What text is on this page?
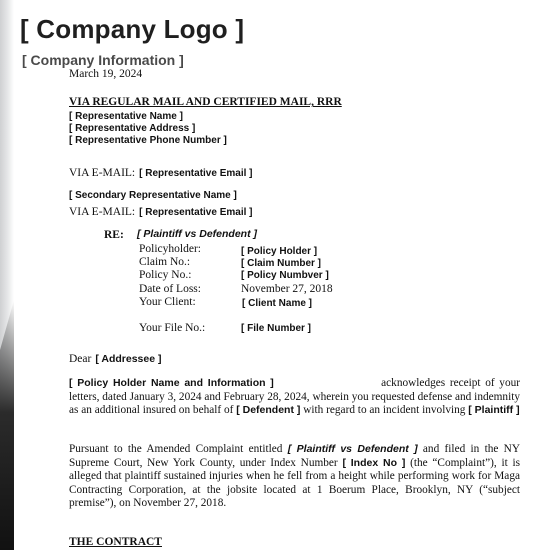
[ Company Logo ]
[ Company Information ]
March 19, 2024
VIA REGULAR MAIL AND CERTIFIED MAIL, RRR
[ Representative Name ]
[ Representative Address ]
[ Representative Phone Number ]
VIA E-MAIL: [ Representative Email ]
[ Secondary Representative Name ]
VIA E-MAIL: [ Representative Email ]
RE: [ Plaintiff vs Defendent ]
Policyholder:	[ Policy Holder ]
Claim No.:	[ Claim Number ]
Policy No.:	[ Policy Numbver ]
Date of Loss:	November 27, 2018
Your Client:	[ Client Name ]
Your File No.:	[ File Number ]
Dear [ Addressee ]
[ Policy Holder Name and Information ]	acknowledges receipt of your letters, dated January 3, 2024 and February 28, 2024, wherein you requested defense and indemnity as an additional insured on behalf of [ Defendent ] with regard to an incident involving [ Plaintiff ]
Pursuant to the Amended Complaint entitled [ Plaintiff vs Defendent ] and filed in the NY Supreme Court, New York County, under Index Number [ Index No ] (the “Complaint”), it is alleged that plaintiff sustained injuries when he fell from a height while performing work for Maga Contracting Corporation, at the jobsite located at 1 Boerum Place, Brooklyn, NY (“subject premise”), on November 27, 2018.
THE CONTRACT
